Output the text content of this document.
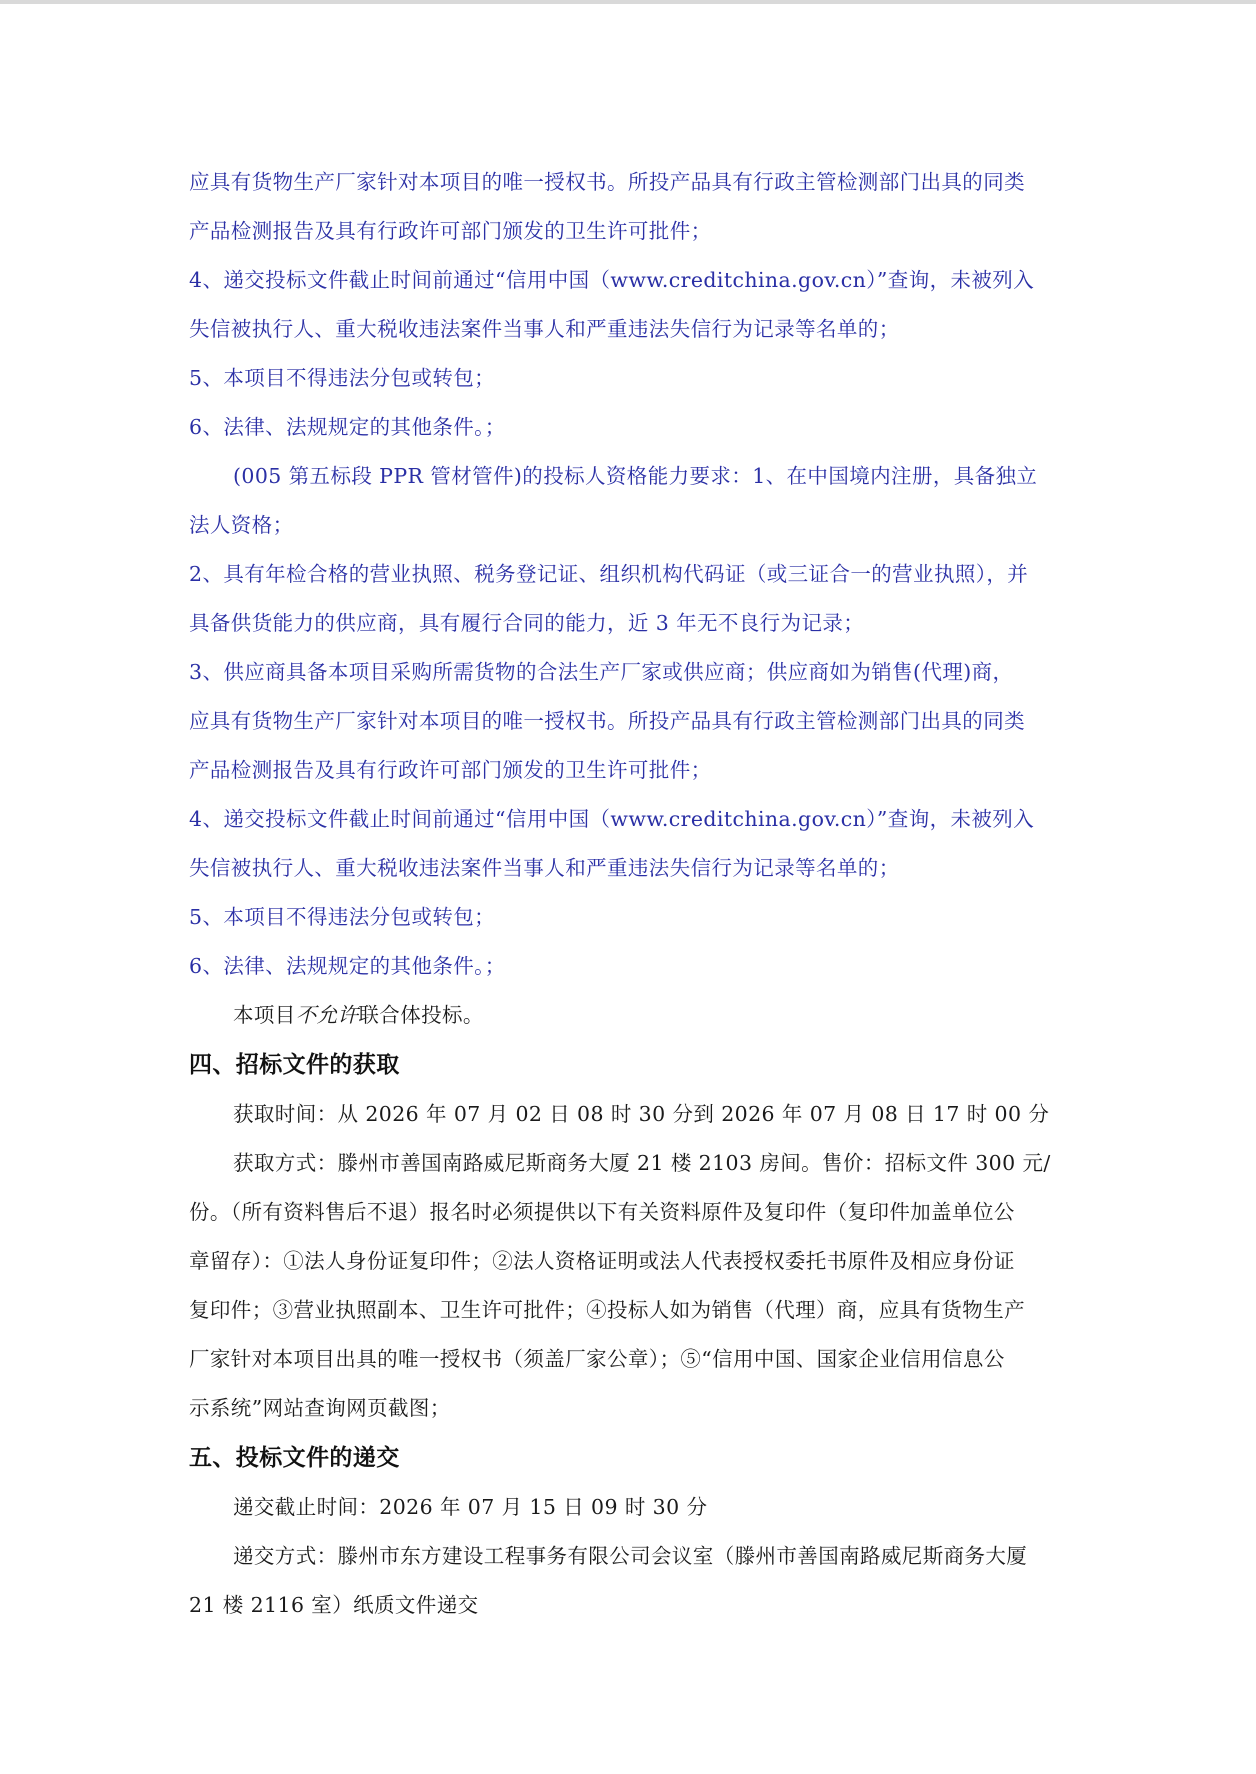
应具有货物生产厂家针对本项目的唯一授权书。所投产品具有行政主管检测部门出具的同类
产品检测报告及具有行政许可部门颁发的卫生许可批件；
4、递交投标文件截止时间前通过“信用中国（www.creditchina.gov.cn）”查询，未被列入
失信被执行人、重大税收违法案件当事人和严重违法失信行为记录等名单的；
5、本项目不得违法分包或转包；
6、法律、法规规定的其他条件。；
(005 第五标段 PPR 管材管件)的投标人资格能力要求：1、在中国境内注册，具备独立
法人资格；
2、具有年检合格的营业执照、税务登记证、组织机构代码证（或三证合一的营业执照），并
具备供货能力的供应商，具有履行合同的能力，近 3 年无不良行为记录；
3、供应商具备本项目采购所需货物的合法生产厂家或供应商；供应商如为销售(代理)商，
应具有货物生产厂家针对本项目的唯一授权书。所投产品具有行政主管检测部门出具的同类
产品检测报告及具有行政许可部门颁发的卫生许可批件；
4、递交投标文件截止时间前通过“信用中国（www.creditchina.gov.cn）”查询，未被列入
失信被执行人、重大税收违法案件当事人和严重违法失信行为记录等名单的；
5、本项目不得违法分包或转包；
6、法律、法规规定的其他条件。；
本项目不允许联合体投标。
四、招标文件的获取
获取时间：从 2026 年 07 月 02 日 08 时 30 分到 2026 年 07 月 08 日 17 时 00 分
获取方式：滕州市善国南路威尼斯商务大厦 21 楼 2103 房间。售价：招标文件 300 元/
份。（所有资料售后不退）报名时必须提供以下有关资料原件及复印件（复印件加盖单位公
章留存）：①法人身份证复印件；②法人资格证明或法人代表授权委托书原件及相应身份证
复印件；③营业执照副本、卫生许可批件；④投标人如为销售（代理）商，应具有货物生产
厂家针对本项目出具的唯一授权书（须盖厂家公章）；⑤“信用中国、国家企业信用信息公
示系统”网站查询网页截图；
五、投标文件的递交
递交截止时间：2026 年 07 月 15 日 09 时 30 分
递交方式：滕州市东方建设工程事务有限公司会议室（滕州市善国南路威尼斯商务大厦
21 楼 2116 室）纸质文件递交
